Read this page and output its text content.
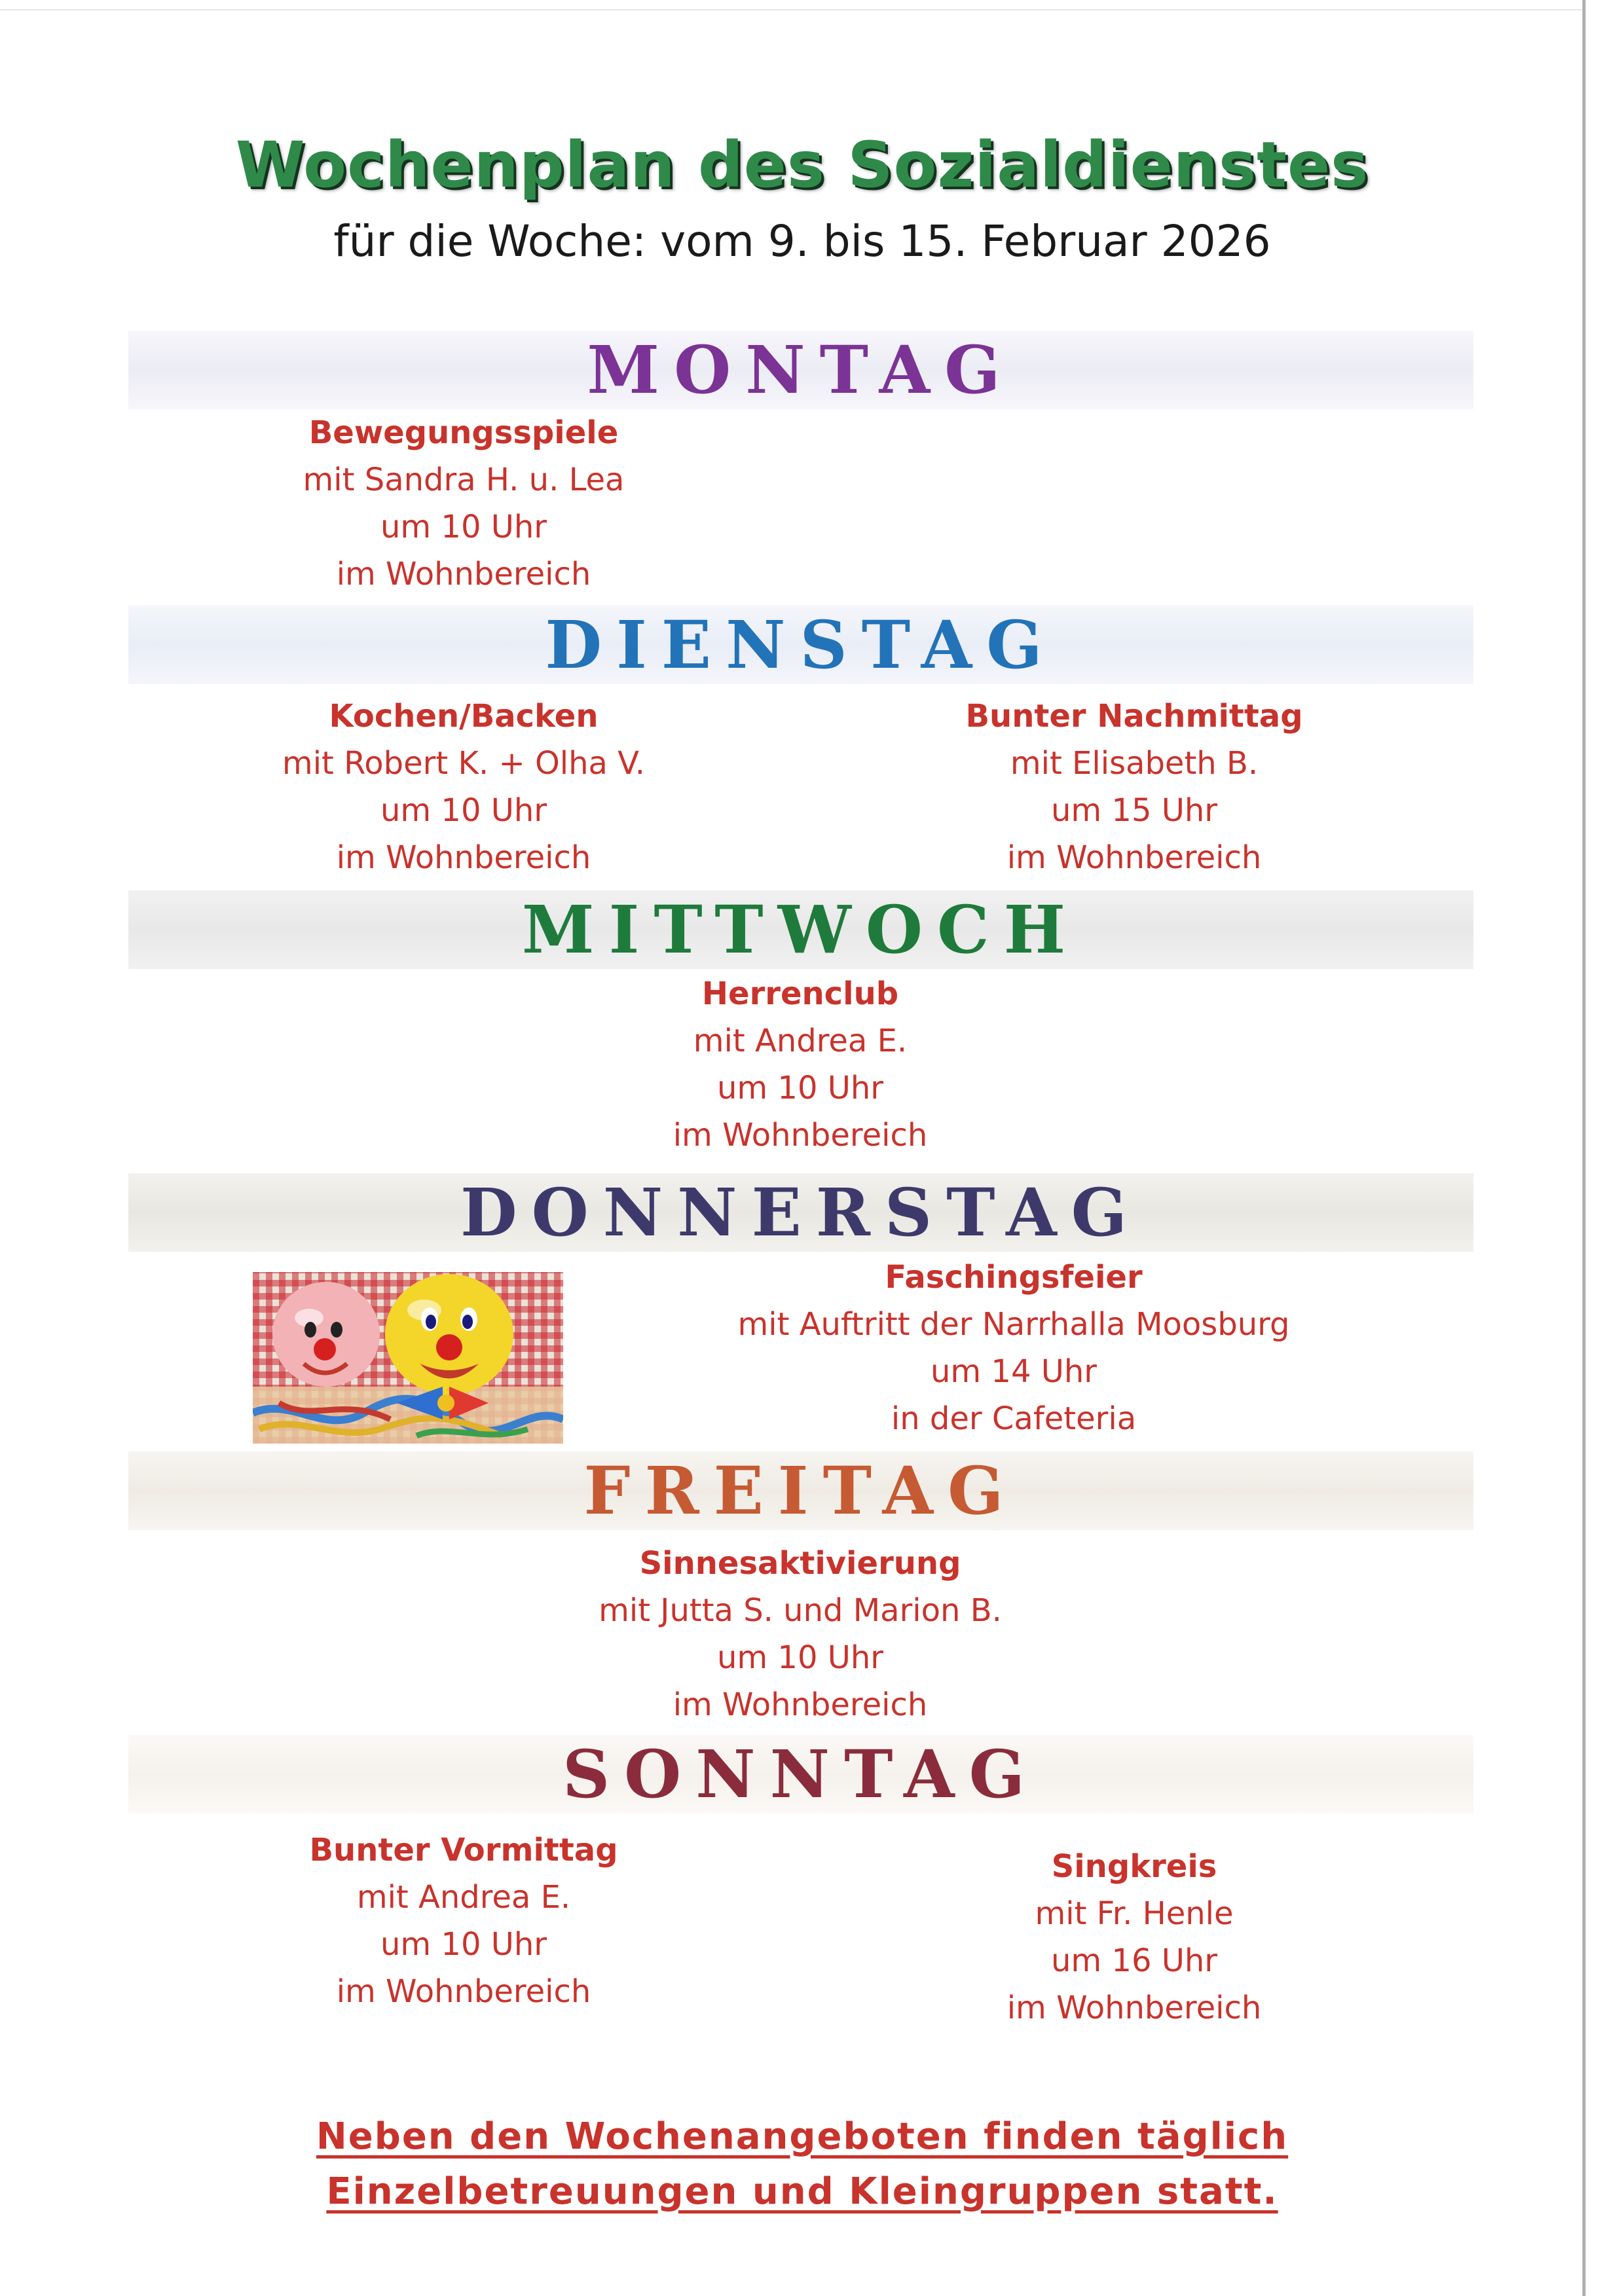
Wochenplan des Sozialdienstes
für die Woche: vom 9. bis 15. Februar 2026
MONTAG
Bewegungsspiele
mit Sandra H. u. Lea
um 10 Uhr
im Wohnbereich
DIENSTAG
Kochen/Backen
mit Robert K. + Olha V.
um 10 Uhr
im Wohnbereich
Bunter Nachmittag
mit Elisabeth B.
um 15 Uhr
im Wohnbereich
MITTWOCH
Herrenclub
mit Andrea E.
um 10 Uhr
im Wohnbereich
DONNERSTAG
Faschingsfeier
mit Auftritt der Narrhalla Moosburg
um 14 Uhr
in der Cafeteria
FREITAG
Sinnesaktivierung
mit Jutta S. und Marion B.
um 10 Uhr
im Wohnbereich
SONNTAG
Bunter Vormittag
mit Andrea E.
um 10 Uhr
im Wohnbereich
Singkreis
mit Fr. Henle
um 16 Uhr
im Wohnbereich
Neben den Wochenangeboten finden täglich
Einzelbetreuungen und Kleingruppen statt.
